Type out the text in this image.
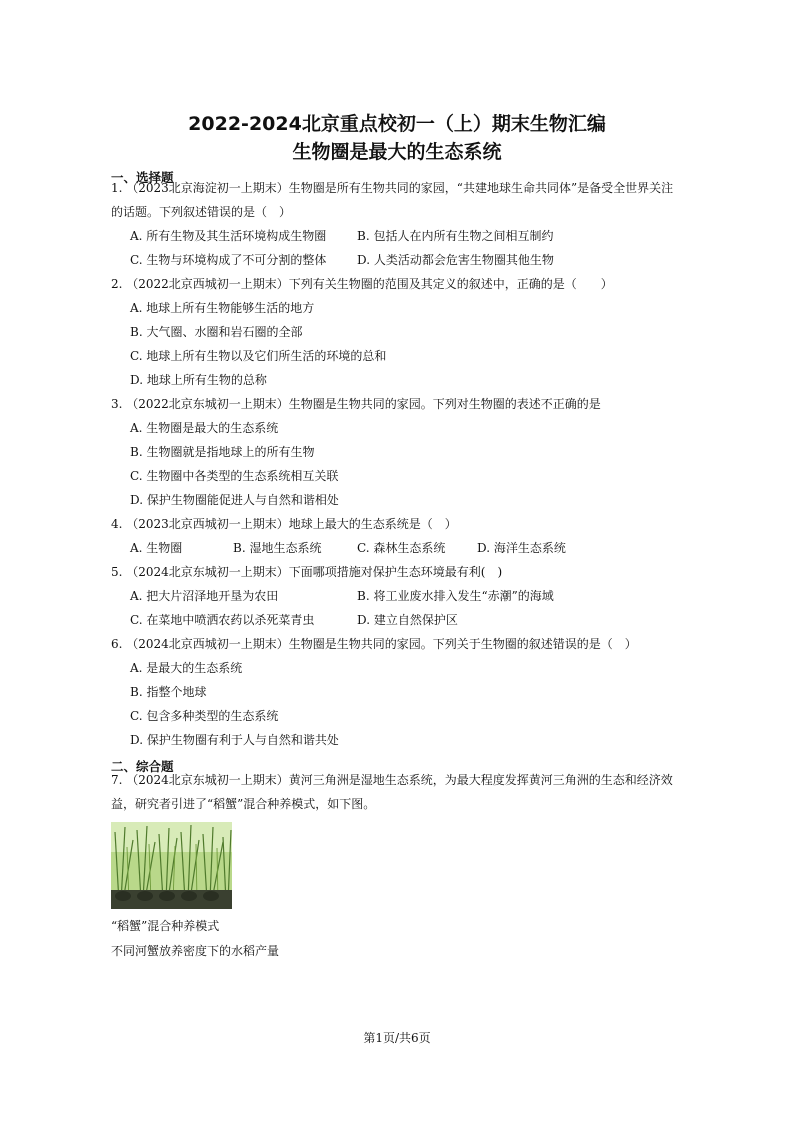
2022-2024北京重点校初一（上）期末生物汇编
生物圈是最大的生态系统
一、选择题
1. （2023北京海淀初一上期末）生物圈是所有生物共同的家园，“共建地球生命共同体”是备受全世界关注
的话题。下列叙述错误的是（　）
A. 所有生物及其生活环境构成生物圈	B. 包括人在内所有生物之间相互制约
C. 生物与环境构成了不可分割的整体	D. 人类活动都会危害生物圈其他生物
2. （2022北京西城初一上期末）下列有关生物圈的范围及其定义的叙述中，正确的是（　　）
A. 地球上所有生物能够生活的地方
B. 大气圈、水圈和岩石圈的全部
C. 地球上所有生物以及它们所生活的环境的总和
D. 地球上所有生物的总称
3. （2022北京东城初一上期末）生物圈是生物共同的家园。下列对生物圈的表述不正确的是
A. 生物圈是最大的生态系统
B. 生物圈就是指地球上的所有生物
C. 生物圈中各类型的生态系统相互关联
D. 保护生物圈能促进人与自然和谐相处
4. （2023北京西城初一上期末）地球上最大的生态系统是（　）
A. 生物圈	B. 湿地生态系统	C. 森林生态系统	D. 海洋生态系统
5. （2024北京东城初一上期末）下面哪项措施对保护生态环境最有利(　)
A. 把大片沼泽地开垦为农田	B. 将工业废水排入发生“赤潮”的海域
C. 在菜地中喷洒农药以杀死菜青虫	D. 建立自然保护区
6. （2024北京西城初一上期末）生物圈是生物共同的家园。下列关于生物圈的叙述错误的是（　）
A. 是最大的生态系统
B. 指整个地球
C. 包含多种类型的生态系统
D. 保护生物圈有利于人与自然和谐共处
二、综合题
7. （2024北京东城初一上期末）黄河三角洲是湿地生态系统，为最大程度发挥黄河三角洲的生态和经济效
益，研究者引进了“稻蟹”混合种养模式，如下图。
“稻蟹”混合种养模式
不同河蟹放养密度下的水稻产量
第1页/共6页
